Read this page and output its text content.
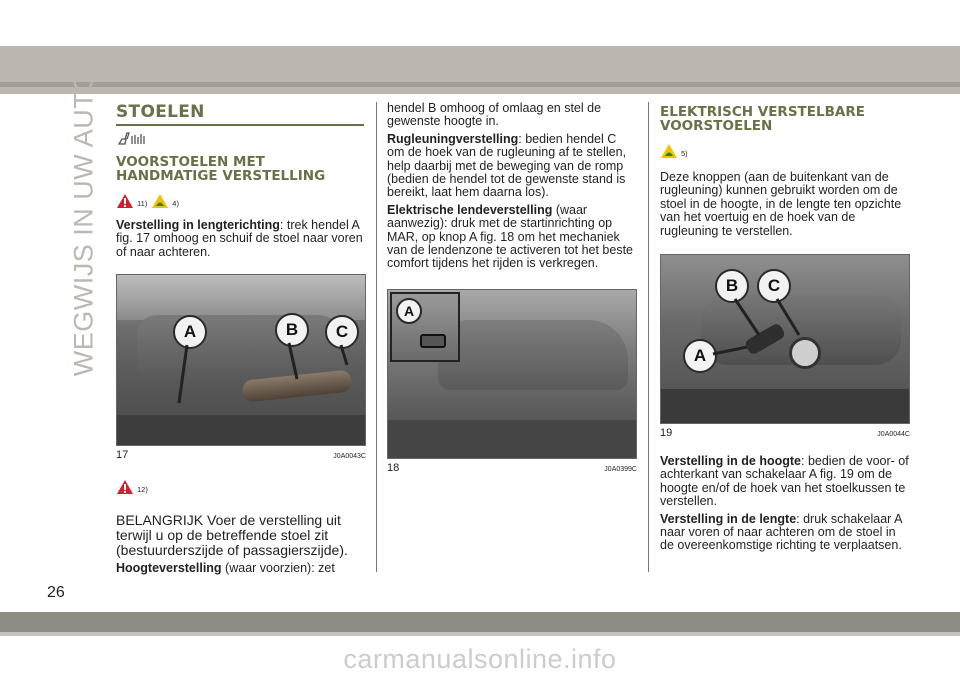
WEGWIJS IN UW AUTO STOELEN
VOORSTOELEN MET HANDMATIGE VERSTELLING
11)	4)

Verstelling in lengterichting: trek hendel A fig. 17 omhoog en schuif de stoel naar voren of naar achteren.

A	B	C
17	J0A0043C
12)

BELANGRIJK Voer de verstelling uit terwijl u op de betreffende stoel zit (bestuurderszijde of passagierszijde).

Hoogteverstelling (waar voorzien): zet

hendel B omhoog of omlaag en stel de gewenste hoogte in.

Rugleuningverstelling: bedien hendel C om de hoek van de rugleuning af te stellen, help daarbij met de beweging van de romp (bedien de hendel tot de gewenste stand is bereikt, laat hem daarna los).

Elektrische lendeverstelling (waar aanwezig): druk met de startinrichting op MAR, op knop A fig. 18 om het mechaniek van de lendenzone te activeren tot het beste comfort tijdens het rijden is verkregen.

A
18	J0A0399C
ELEKTRISCH VERSTELBARE VOORSTOELEN
5)

Deze knoppen (aan de buitenkant van de rugleuning) kunnen gebruikt worden om de stoel in de hoogte, in de lengte ten opzichte van het voertuig en de hoek van de rugleuning te verstellen.

B	C
A
19	J0A0044C

Verstelling in de hoogte: bedien de voor- of achterkant van schakelaar A fig. 19 om de hoogte en/of de hoek van het stoelkussen te verstellen.

Verstelling in de lengte: druk schakelaar A naar voren of naar achteren om de stoel in de overeenkomstige richting te verplaatsen.

26
carmanualsonline.info
